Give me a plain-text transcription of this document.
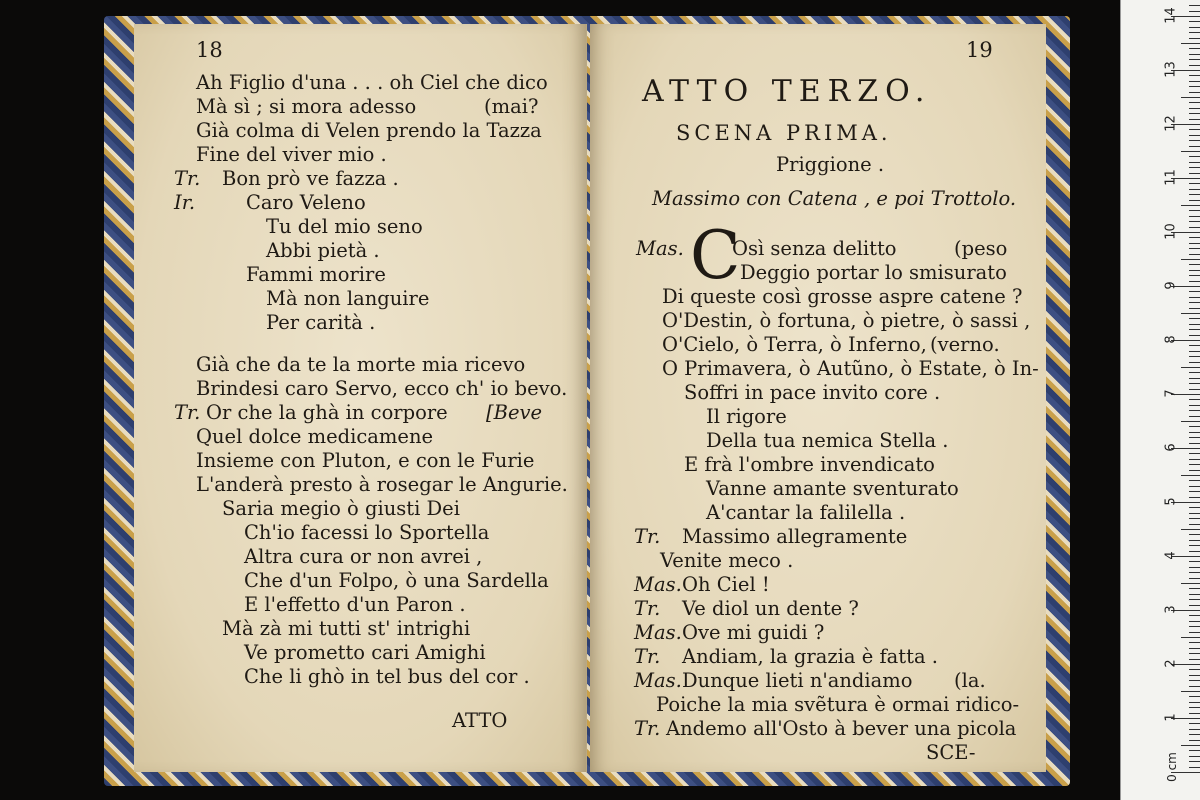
18
Ah Figlio d'una . . . oh Ciel che dico
Mà sì ; si mora adesso	(mai?
Già colma di Velen prendo la Tazza
Fine del viver mio .
Tr. Bon prò ve fazza .
Ir.	Caro Veleno
Tu del mio seno
Abbi pietà .
Fammi morire
Mà non languire
Per carità .
Già che da te la morte mia ricevo
Brindesi caro Servo, ecco ch' io bevo.
Tr. Or che la ghà in corpore [Beve
Quel dolce medicamene
Insieme con Pluton, e con le Furie
L'anderà presto à rosegar le Angurie.
Saria megio ò giusti Dei
Ch'io facessi lo Sportella
Altra cura or non avrei ,
Che d'un Folpo, ò una Sardella
E l'effetto d'un Paron .
Mà zà mi tutti st' intrighi
Ve prometto cari Amighi
Che li ghò in tel bus del cor .
ATTO
19
ATTO TERZO.
SCENA PRIMA.
Priggione .
Massimo con Catena , e poi Trottolo.
Mas. C
Osì senza delitto	(peso
Deggio portar lo smisurato
Di queste così grosse aspre catene ?
O'Destin, ò fortuna, ò pietre, ò sassi ,
O'Cielo, ò Terra, ò Inferno, (verno.
O Primavera, ò Autũno, ò Estate, ò In-
Soffri in pace invito core .
Il rigore
Della tua nemica Stella .
E frà l'ombre invendicato
Vanne amante sventurato
A'cantar la falilella .
Tr. Massimo allegramente
Venite meco .
Mas. Oh Ciel !
Tr. Ve diol un dente ?
Mas. Ove mi guidi ?
Tr. Andiam, la grazia è fatta .
Mas. Dunque lieti n'andiamo (la.
Poiche la mia svẽtura è ormai ridico-
Tr. Andemo all'Osto à bever una picola
SCE-
1
2
3
4
5
6
7
8
9
10
11
12
13
14
0 cm
